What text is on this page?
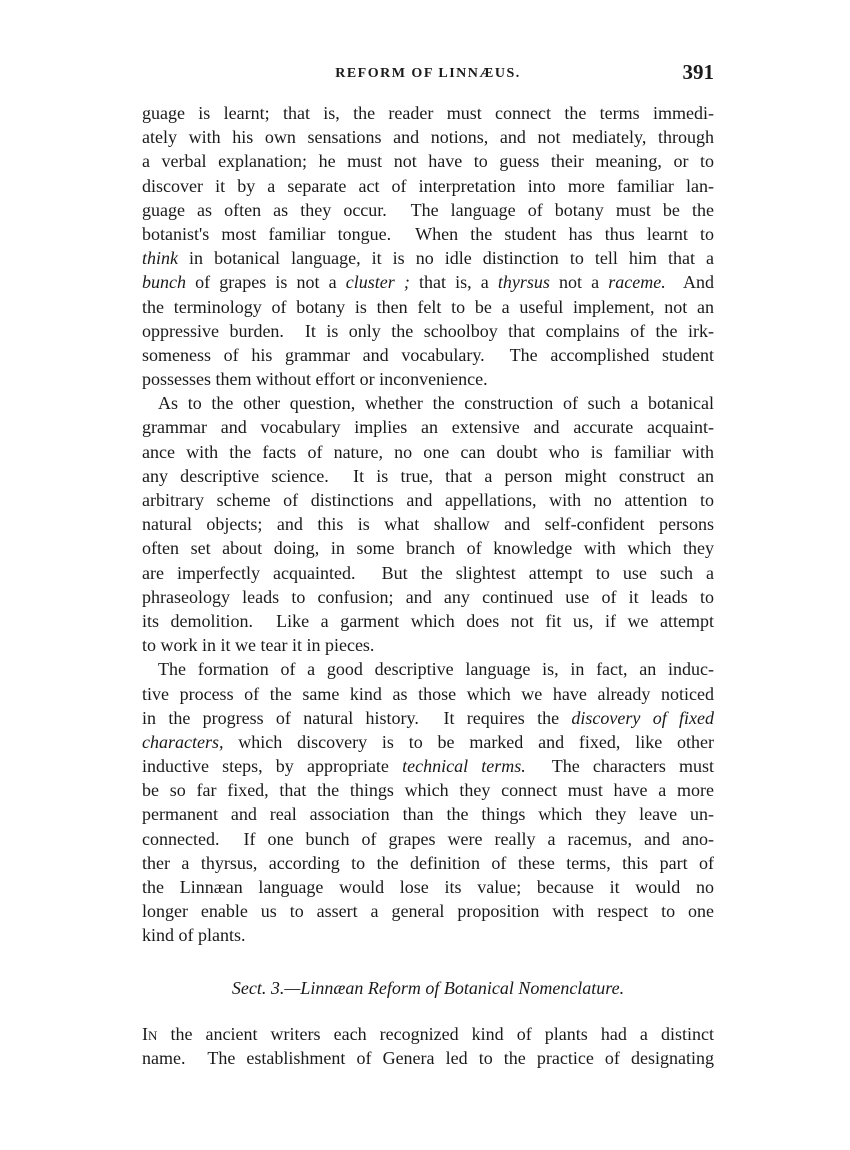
REFORM OF LINNÆUS.	391
guage is learnt; that is, the reader must connect the terms immedi-
ately with his own sensations and notions, and not mediately, through
a verbal explanation; he must not have to guess their meaning, or to
discover it by a separate act of interpretation into more familiar lan-
guage as often as they occur.  The language of botany must be the
botanist's most familiar tongue.  When the student has thus learnt to
think in botanical language, it is no idle distinction to tell him that a
bunch of grapes is not a cluster ; that is, a thyrsus not a raceme.  And
the terminology of botany is then felt to be a useful implement, not an
oppressive burden.  It is only the schoolboy that complains of the irk-
someness of his grammar and vocabulary.  The accomplished student
possesses them without effort or inconvenience.
As to the other question, whether the construction of such a botanical
grammar and vocabulary implies an extensive and accurate acquaint-
ance with the facts of nature, no one can doubt who is familiar with
any descriptive science.  It is true, that a person might construct an
arbitrary scheme of distinctions and appellations, with no attention to
natural objects; and this is what shallow and self-confident persons
often set about doing, in some branch of knowledge with which they
are imperfectly acquainted.  But the slightest attempt to use such a
phraseology leads to confusion; and any continued use of it leads to
its demolition.  Like a garment which does not fit us, if we attempt
to work in it we tear it in pieces.
The formation of a good descriptive language is, in fact, an induc-
tive process of the same kind as those which we have already noticed
in the progress of natural history.  It requires the discovery of fixed
characters, which discovery is to be marked and fixed, like other
inductive steps, by appropriate technical terms.  The characters must
be so far fixed, that the things which they connect must have a more
permanent and real association than the things which they leave un-
connected.  If one bunch of grapes were really a racemus, and ano-
ther a thyrsus, according to the definition of these terms, this part of
the Linnæan language would lose its value; because it would no
longer enable us to assert a general proposition with respect to one
kind of plants.
Sect. 3.—Linnæan Reform of Botanical Nomenclature.
In the ancient writers each recognized kind of plants had a distinct
name.  The establishment of Genera led to the practice of designating
